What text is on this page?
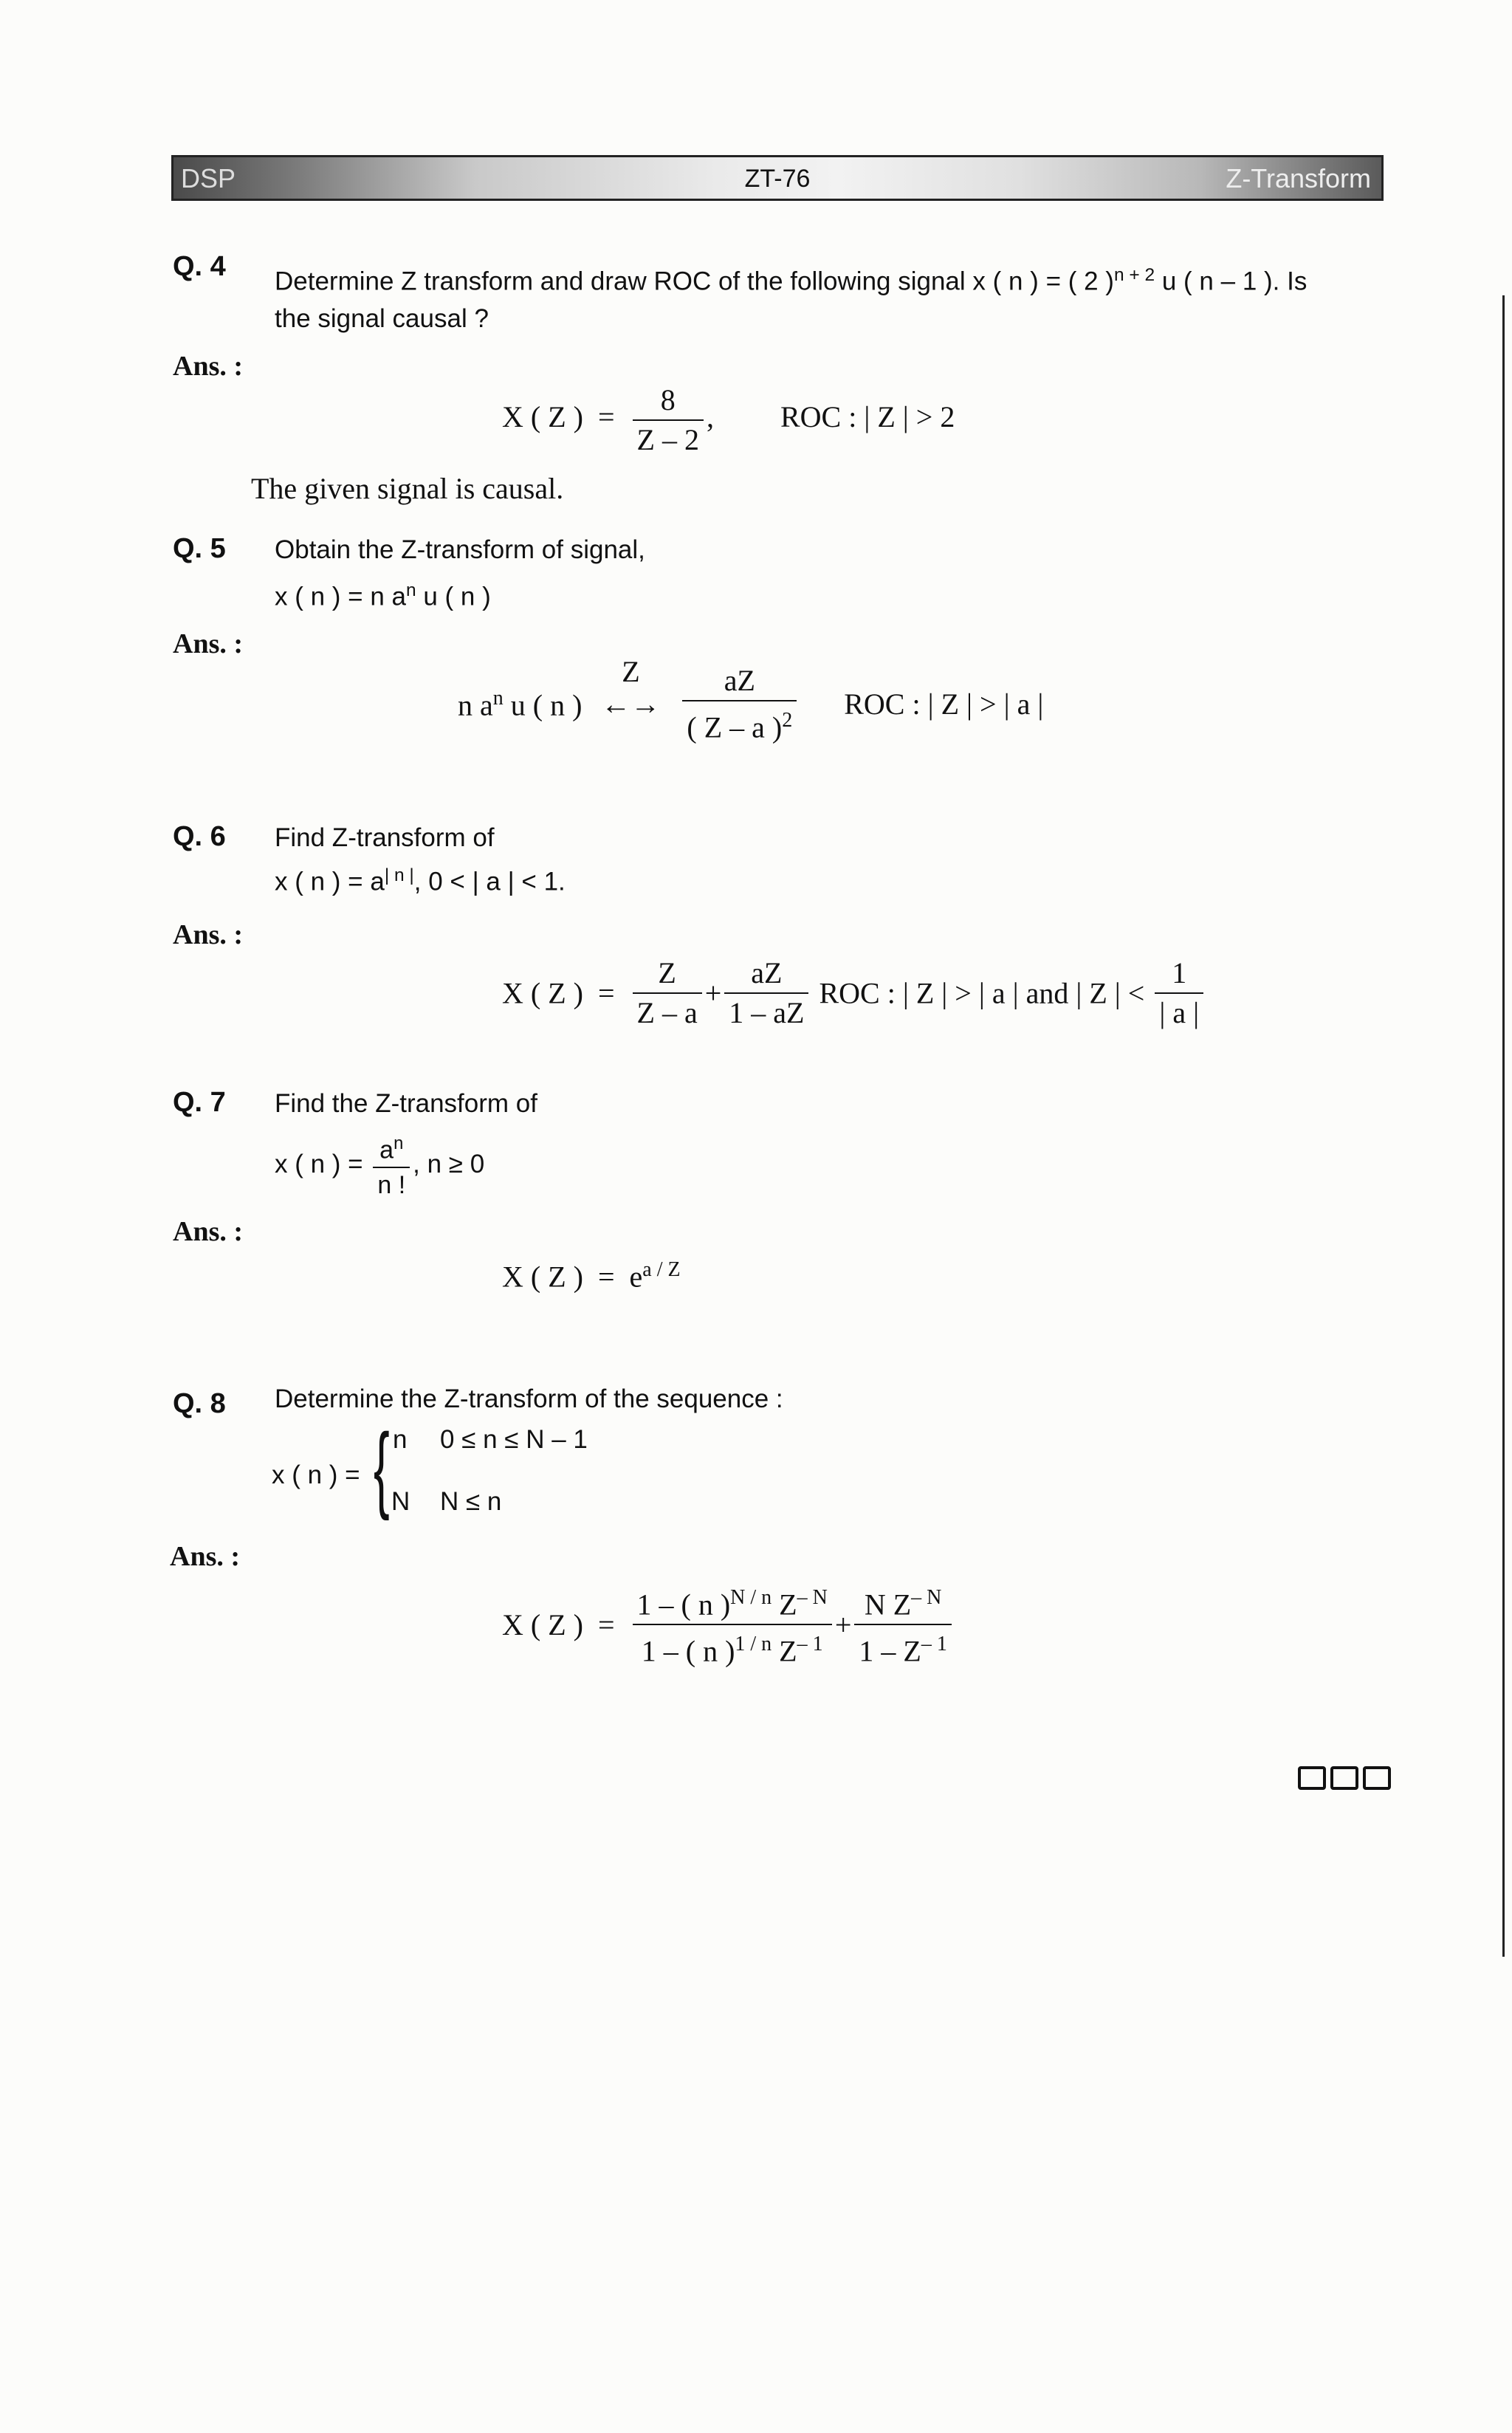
DSP	ZT-76	Z-Transform
Q. 4 Determine Z transform and draw ROC of the following signal x ( n ) = ( 2 )$^{n + 2}$ u ( n – 1 ). Is
the signal causal ?
Ans. :
X ( Z ) = $\frac{8}{Z - 2}$ , ROC : | Z | > 2
The given signal is causal.
Q. 5 Obtain the Z-transform of signal,
x ( n ) = n $a^n$ u ( n )
Ans. :
n $a^n$ u ( n )
Z
←→
$\frac{aZ}{( Z - a )^2}$ ROC : | Z | > | a |
Q. 6 Find Z-transform of
x ( n ) = $a^{| n |}$, 0 < | a | < 1.
Ans. :
X ( Z ) = $\frac{Z}{Z - a} + \frac{aZ}{1 - aZ}$ ROC : | Z | > | a | and | Z | < $\frac{1}{| a |}$
Q. 7 Find the Z-transform of
x ( n ) = $\frac{a^n}{n !}$ , n ≥ 0
Ans. :
X ( Z ) = $e^{a / Z}$
Q. 8 Determine the Z-transform of the sequence :
x ( n ) = { n 0 ≤ n ≤ N – 1
N N ≤ n
Ans. :
X ( Z ) = $\frac{1 - ( n )^{N / n} Z^{- N}}{1 - ( n )^{1 / n} Z^{- 1}} + \frac{N Z^{- N}}{1 - Z^{- 1}}$
